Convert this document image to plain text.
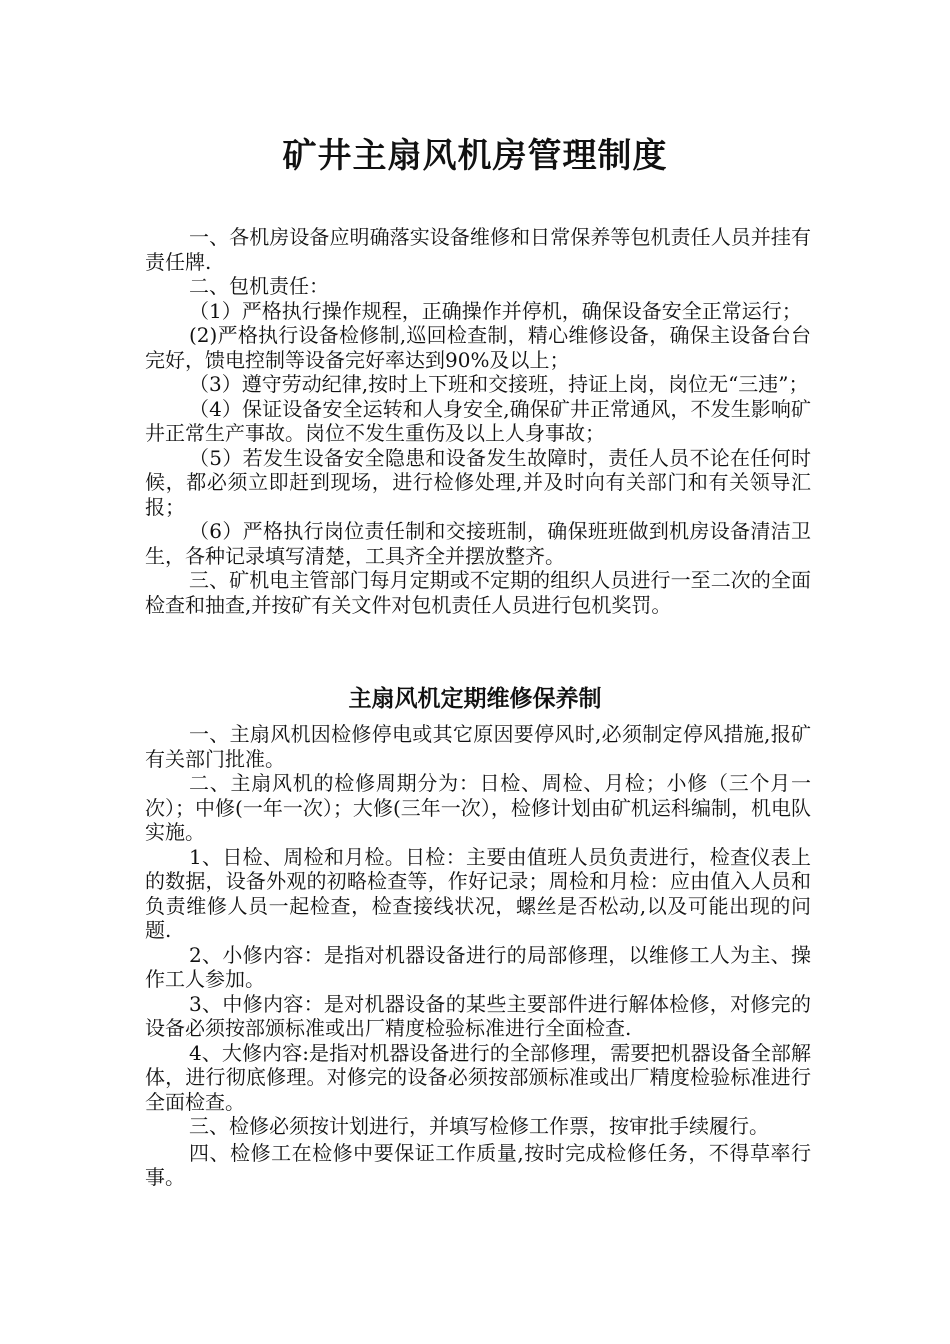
矿井主扇风机房管理制度

一、各机房设备应明确落实设备维修和日常保养等包机责任人员并挂有责任牌.

二、包机责任：

（1）严格执行操作规程，正确操作并停机，确保设备安全正常运行；

(2)严格执行设备检修制,巡回检查制，精心维修设备，确保主设备台台完好，馈电控制等设备完好率达到90%及以上；

（3）遵守劳动纪律,按时上下班和交接班，持证上岗，岗位无“三违”；

（4）保证设备安全运转和人身安全,确保矿井正常通风，不发生影响矿井正常生产事故。岗位不发生重伤及以上人身事故；

（5）若发生设备安全隐患和设备发生故障时，责任人员不论在任何时候，都必须立即赶到现场，进行检修处理,并及时向有关部门和有关领导汇报；

（6）严格执行岗位责任制和交接班制，确保班班做到机房设备清洁卫生，各种记录填写清楚，工具齐全并摆放整齐。

三、矿机电主管部门每月定期或不定期的组织人员进行一至二次的全面检查和抽查,并按矿有关文件对包机责任人员进行包机奖罚。

主扇风机定期维修保养制

一、主扇风机因检修停电或其它原因要停风时,必须制定停风措施,报矿有关部门批准。

二、主扇风机的检修周期分为：日检、周检、月检；小修（三个月一次）；中修(一年一次）；大修(三年一次），检修计划由矿机运科编制，机电队实施。

1、日检、周检和月检。日检：主要由值班人员负责进行，检查仪表上的数据，设备外观的初略检查等，作好记录；周检和月检：应由值入人员和负责维修人员一起检查，检查接线状况，螺丝是否松动,以及可能出现的问题.

2、小修内容：是指对机器设备进行的局部修理，以维修工人为主、操作工人参加。

3、中修内容：是对机器设备的某些主要部件进行解体检修，对修完的设备必须按部颁标准或出厂精度检验标准进行全面检查.

4、大修内容:是指对机器设备进行的全部修理，需要把机器设备全部解体，进行彻底修理。对修完的设备必须按部颁标准或出厂精度检验标准进行全面检查。

三、检修必须按计划进行，并填写检修工作票，按审批手续履行。

四、检修工在检修中要保证工作质量,按时完成检修任务，不得草率行事。
